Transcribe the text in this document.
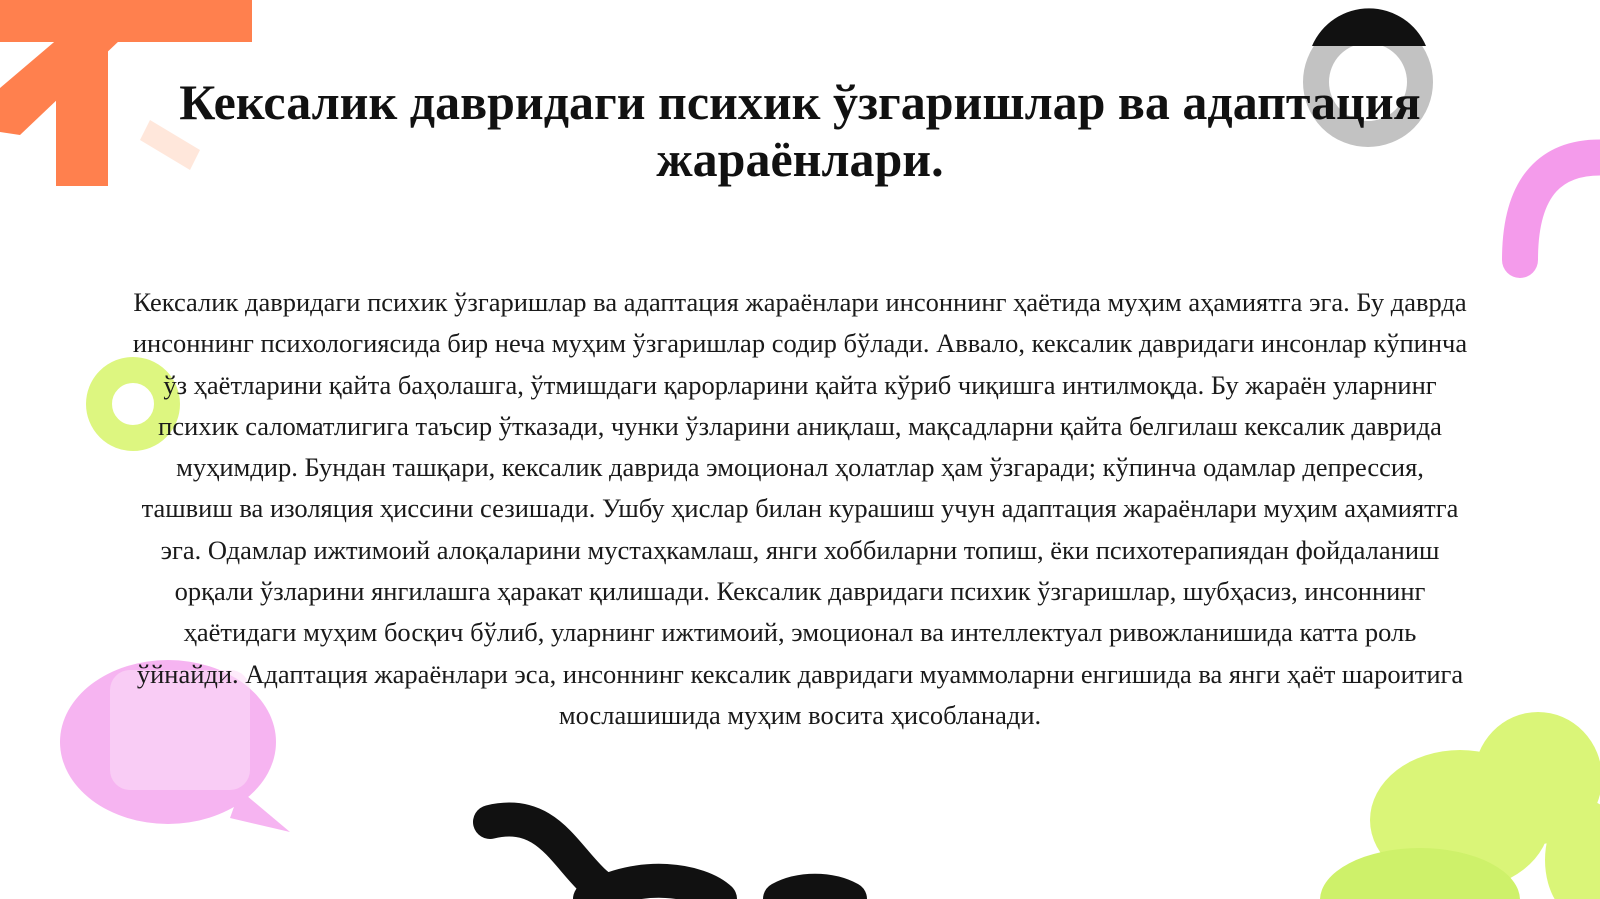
Кексалик давридаги психик ўзгаришлар ва адаптация жараёнлари.

Кексалик давридаги психик ўзгаришлар ва адаптация жараёнлари инсоннинг ҳаётида муҳим аҳамиятга эга. Бу даврда инсоннинг психологиясида бир неча муҳим ўзгаришлар содир бўлади. Аввало, кексалик давридаги инсонлар кўпинча ўз ҳаётларини қайта баҳолашга, ўтмишдаги қарорларини қайта кўриб чиқишга интилмоқда. Бу жараён уларнинг психик саломатлигига таъсир ўтказади, чунки ўзларини аниқлаш, мақсадларни қайта белгилаш кексалик даврида муҳимдир. Бундан ташқари, кексалик даврида эмоционал ҳолатлар ҳам ўзгаради; кўпинча одамлар депрессия, ташвиш ва изоляция ҳиссини сезишади. Ушбу ҳислар билан курашиш учун адаптация жараёнлари муҳим аҳамиятга эга. Одамлар ижтимоий алоқаларини мустаҳкамлаш, янги хоббиларни топиш, ёки психотерапиядан фойдаланиш орқали ўзларини янгилашга ҳаракат қилишади. Кексалик давридаги психик ўзгаришлар, шубҳасиз, инсоннинг ҳаётидаги муҳим босқич бўлиб, уларнинг ижтимоий, эмоционал ва интеллектуал ривожланишида катта роль ўйнайди. Адаптация жараёнлари эса, инсоннинг кексалик давридаги муаммоларни енгишида ва янги ҳаёт шароитига мослашишида муҳим восита ҳисобланади.
